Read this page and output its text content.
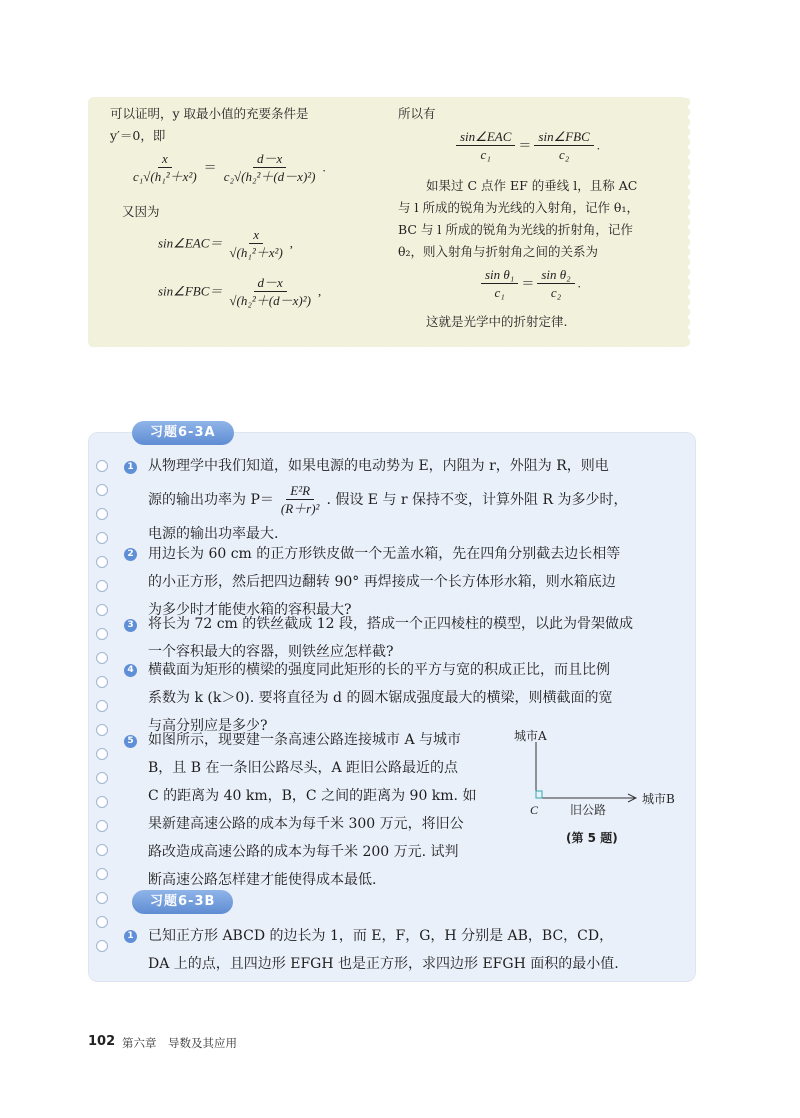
可以证明，y 取最小值的充要条件是
y′＝0，即
$\frac{x}{\text{c₁√(h₁²＋x²)}} = \frac{d-x}{\text{c₂√(h₂²＋(d－x)²)}}$ .
又因为
sin∠EAC＝ $\frac{x}{\text{√(h₁²＋x²)}}$ ,
sin∠FBC＝ $\frac{d-x}{\text{√(h₂²＋(d－x)²)}}$ ,
所以有
$\frac{\text{sin∠EAC}}{\text{c₁}} = \frac{\text{sin∠FBC}}{\text{c₂}}$ .
如果过 C 点作 EF 的垂线 l，且称 AC
与 l 所成的锐角为光线的入射角，记作 θ₁，
BC 与 l 所成的锐角为光线的折射角，记作
θ₂，则入射角与折射角之间的关系为
$\frac{\text{sin θ₁}}{\text{c₁}} = \frac{\text{sin θ₂}}{\text{c₂}}$ .
这就是光学中的折射定律.
习题6-3A
1 从物理学中我们知道，如果电源的电动势为 E，内阻为 r，外阻为 R，则电
源的输出功率为 $P= \frac{\text{E²R}}{\text{(R＋r)²}}$ . 假设 E 与 r 保持不变，计算外阻 R 为多少时，
电源的输出功率最大.
2 用边长为 60 cm 的正方形铁皮做一个无盖水箱，先在四角分别截去边长相等
的小正方形，然后把四边翻转 90° 再焊接成一个长方体形水箱，则水箱底边
为多少时才能使水箱的容积最大?
3 将长为 72 cm 的铁丝截成 12 段，搭成一个正四棱柱的模型，以此为骨架做成
一个容积最大的容器，则铁丝应怎样截?
4 横截面为矩形的横梁的强度同此矩形的长的平方与宽的积成正比，而且比例
系数为 k (k＞0). 要将直径为 d 的圆木锯成强度最大的横梁，则横截面的宽
与高分别应是多少?
5 如图所示，现要建一条高速公路连接城市 A 与城市
B，且 B 在一条旧公路尽头，A 距旧公路最近的点
C 的距离为 40 km，B，C 之间的距离为 90 km. 如
果新建高速公路的成本为每千米 300 万元，将旧公
路改造成高速公路的成本为每千米 200 万元. 试判
断高速公路怎样建才能使得成本最低.
城市A
城市B
C	旧公路
(第 5 题)
习题6-3B
1 已知正方形 ABCD 的边长为 1，而 E，F，G，H 分别是 AB，BC，CD，
DA 上的点，且四边形 EFGH 也是正方形，求四边形 EFGH 面积的最小值.
102 第六章　导数及其应用
